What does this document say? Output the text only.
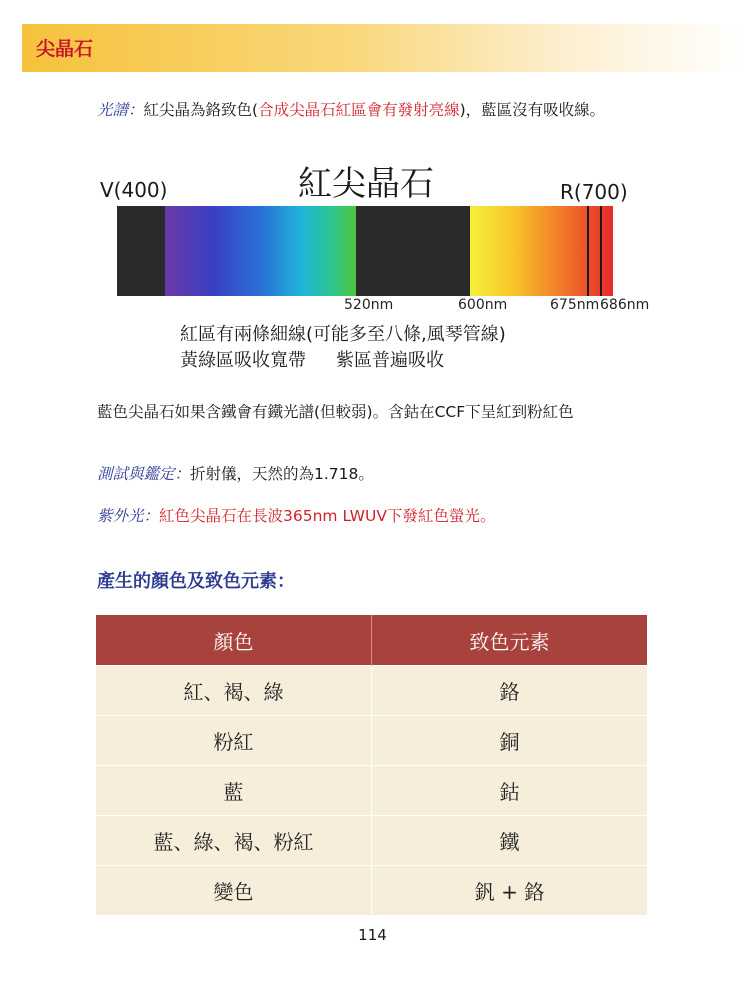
尖晶石
光譜：紅尖晶為鉻致色(合成尖晶石紅區會有發射亮線)，藍區沒有吸收線。
紅尖晶石
V(400)	R(700)
520nm	600nm	675nm 686nm
紅區有兩條細線(可能多至八條,風琴管線)
黃綠區吸收寬帶 紫區普遍吸收
藍色尖晶石如果含鐵會有鐵光譜(但較弱)。含鈷在CCF下呈紅到粉紅色
測試與鑑定：折射儀，天然的為1.718。
紫外光：紅色尖晶石在長波365nm LWUV下發紅色螢光。
產生的顏色及致色元素：
顏色	致色元素
紅、褐、綠	鉻
粉紅	銅
藍	鈷
藍、綠、褐、粉紅	鐵
變色	釩 + 鉻
114
